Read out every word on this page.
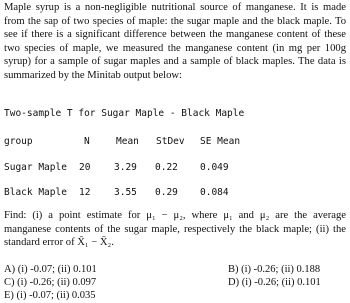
Maple syrup is a non-negligible nutritional source of manganese. It is made from the sap of two species of maple: the sugar maple and the black maple. To see if there is a significant difference between the manganese content of these two species of maple, we measured the manganese content (in mg per 100g syrup) for a sample of sugar maples and a sample of black maples. The data is summarized by the Minitab output below:
Two-sample T for Sugar Maple - Black Maple
group	N	Mean StDev SE Mean
Sugar Maple 20 3.29 0.22 0.049
Black Maple 12 3.55 0.29 0.084
Find: (i) a point estimate for μ₁ − μ₂, where μ₁ and μ₂ are the average manganese contents of the sugar maple, respectively the black maple; (ii) the standard error of X̄₁ − X̄₂.
A) (i) -0.07; (ii) 0.101	B) (i) -0.26; (ii) 0.188
C) (i) -0.26; (ii) 0.097	D) (i) -0.26; (ii) 0.101
E) (i) -0.07; (ii) 0.035
